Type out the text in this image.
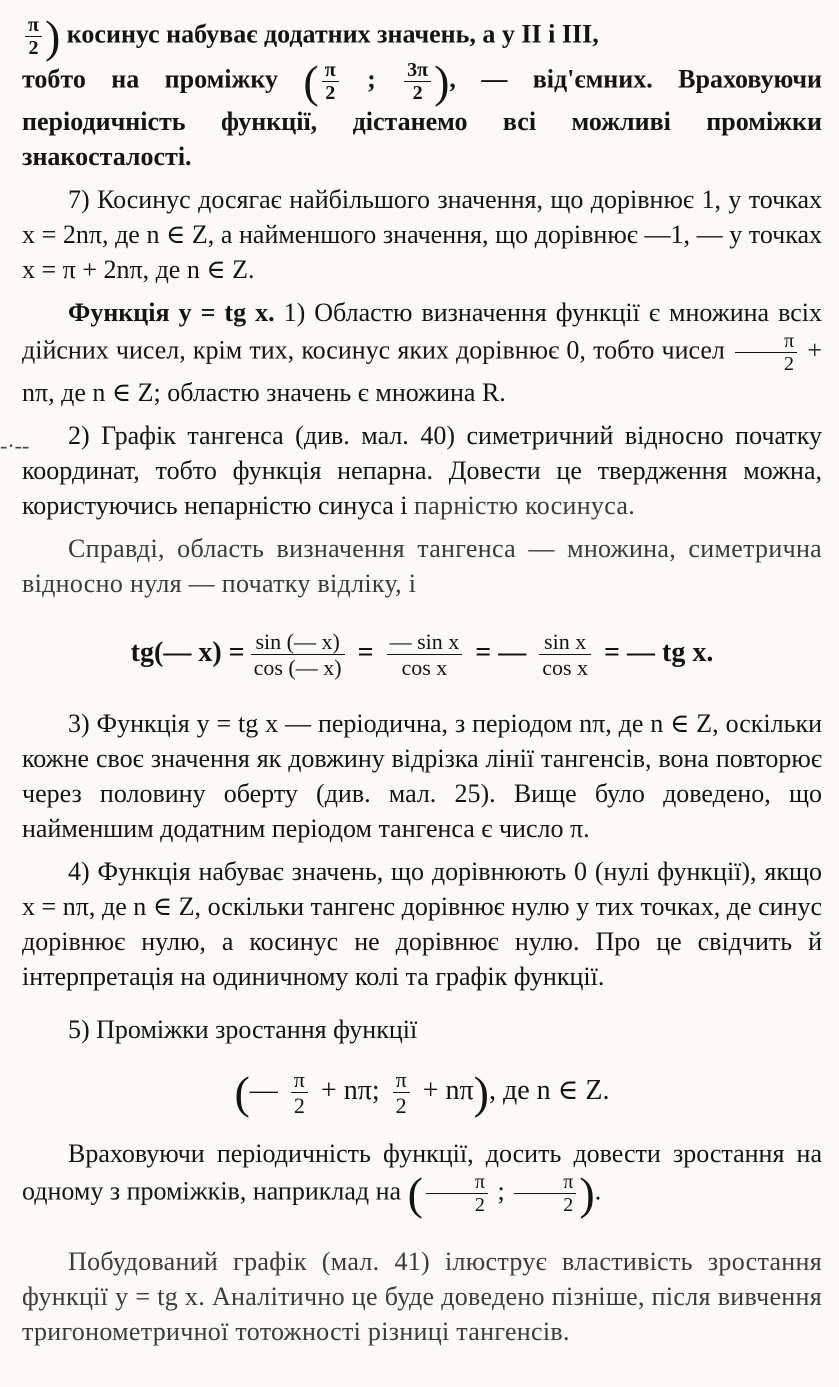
-·--

$\frac{\pi}{2}$ ) косинус набуває додатних значень, а у II і III,
тобто на проміжку ( $\frac{\pi}{2}$ ; $\frac{3\pi}{2}$ ), — від'ємних. Враховуючи періодичність функції, дістанемо всі можливі проміжки знакосталості.

7) Косинус досягає найбільшого значення, що дорівнює 1, у точках x = 2nπ, де n ∈ Z, а найменшого значення, що дорівнює —1, — у точках x = π + 2nπ, де n ∈ Z.

Функція y = tg x. 1) Областю визначення функції є множина всіх дійсних чисел, крім тих, косинус яких дорівнює 0, тобто чисел $\frac{\pi}{2} + n\pi$, де n ∈ Z; областю значень є множина R.

2) Графік тангенса (див. мал. 40) симетричний відносно початку координат, тобто функція непарна. Довести це твердження можна, користуючись непарністю синуса і парністю косинуса.

Справді, область визначення тангенса — множина, симетрична відносно нуля — початку відліку, і

tg(— $x) = \frac{\sin (— x)}{\cos (— x)} = \frac{\text{— sin x}}{\text{cos x}}$ = — $\frac{\text{sin x}}{\text{cos x}}$ = — tg x.

3) Функція y = tg x — періодична, з періодом nπ, де n ∈ Z, оскільки кожне своє значення як довжину відрізка лінії тангенсів, вона повторює через половину оберту (див. мал. 25). Вище було доведено, що найменшим додатним періодом тангенса є число π.

4) Функція набуває значень, що дорівнюють 0 (нулі функції), якщо x = nπ, де n ∈ Z, оскільки тангенс дорівнює нулю у тих точках, де синус дорівнює нулю, а косинус не дорівнює нулю. Про це свідчить й інтерпретація на одиничному колі та графік функції.

5) Проміжки зростання функції

(— $\frac{\pi}{2} + n\pi$; $\frac{\pi}{2} + n\pi$), де n ∈ Z.

Враховуючи періодичність функції, досить довести зростання на одному з проміжків, наприклад на ( $\frac{\pi}{2}$ ; $\frac{\pi}{2}$ ).

Побудований графік (мал. 41) ілюструє властивість зростання функції y = tg x. Аналітично це буде доведено пізніше, після вивчення тригонометричної тотожності різниці тангенсів.
